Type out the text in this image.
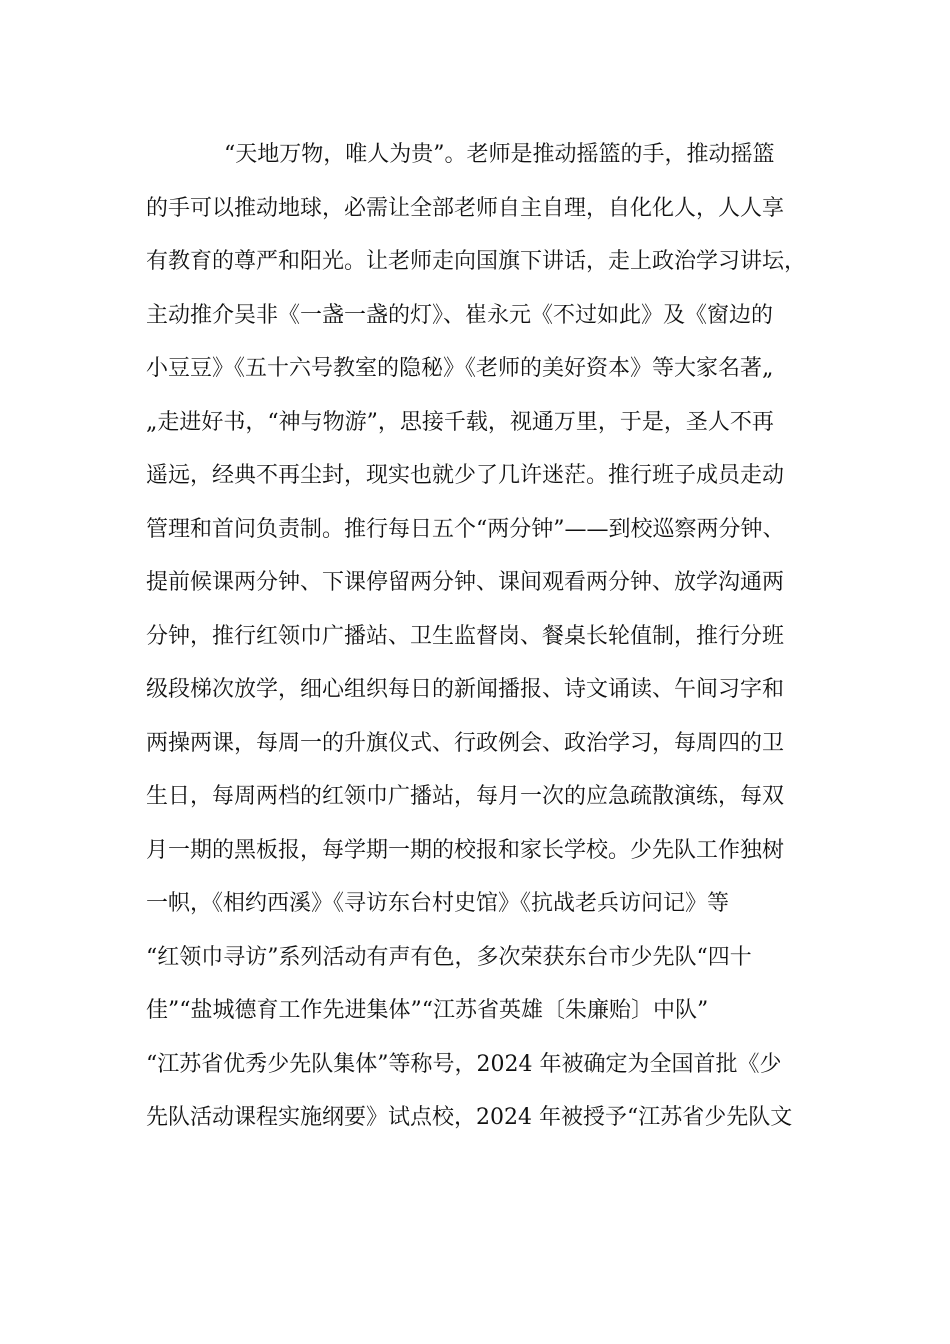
“天地万物，唯人为贵”。老师是推动摇篮的手，推动摇篮
的手可以推动地球，必需让全部老师自主自理，自化化人，人人享
有教育的尊严和阳光。让老师走向国旗下讲话，走上政治学习讲坛，
主动推介吴非《一盏一盏的灯》、崔永元《不过如此》及《窗边的
小豆豆》《五十六号教室的隐秘》《老师的美好资本》等大家名著„
„走进好书，“神与物游”，思接千载，视通万里，于是，圣人不再
遥远，经典不再尘封，现实也就少了几许迷茫。推行班子成员走动
管理和首问负责制。推行每日五个“两分钟”——到校巡察两分钟、
提前候课两分钟、下课停留两分钟、课间观看两分钟、放学沟通两
分钟，推行红领巾广播站、卫生监督岗、餐桌长轮值制，推行分班
级段梯次放学，细心组织每日的新闻播报、诗文诵读、午间习字和
两操两课，每周一的升旗仪式、行政例会、政治学习，每周四的卫
生日，每周两档的红领巾广播站，每月一次的应急疏散演练，每双
月一期的黑板报，每学期一期的校报和家长学校。少先队工作独树
一帜，《相约西溪》《寻访东台村史馆》《抗战老兵访问记》等
“红领巾寻访”系列活动有声有色，多次荣获东台市少先队“四十
佳”“盐城德育工作先进集体”“江苏省英雄〔朱廉贻〕中队”
“江苏省优秀少先队集体”等称号，2024 年被确定为全国首批《少
先队活动课程实施纲要》试点校，2024 年被授予“江苏省少先队文
